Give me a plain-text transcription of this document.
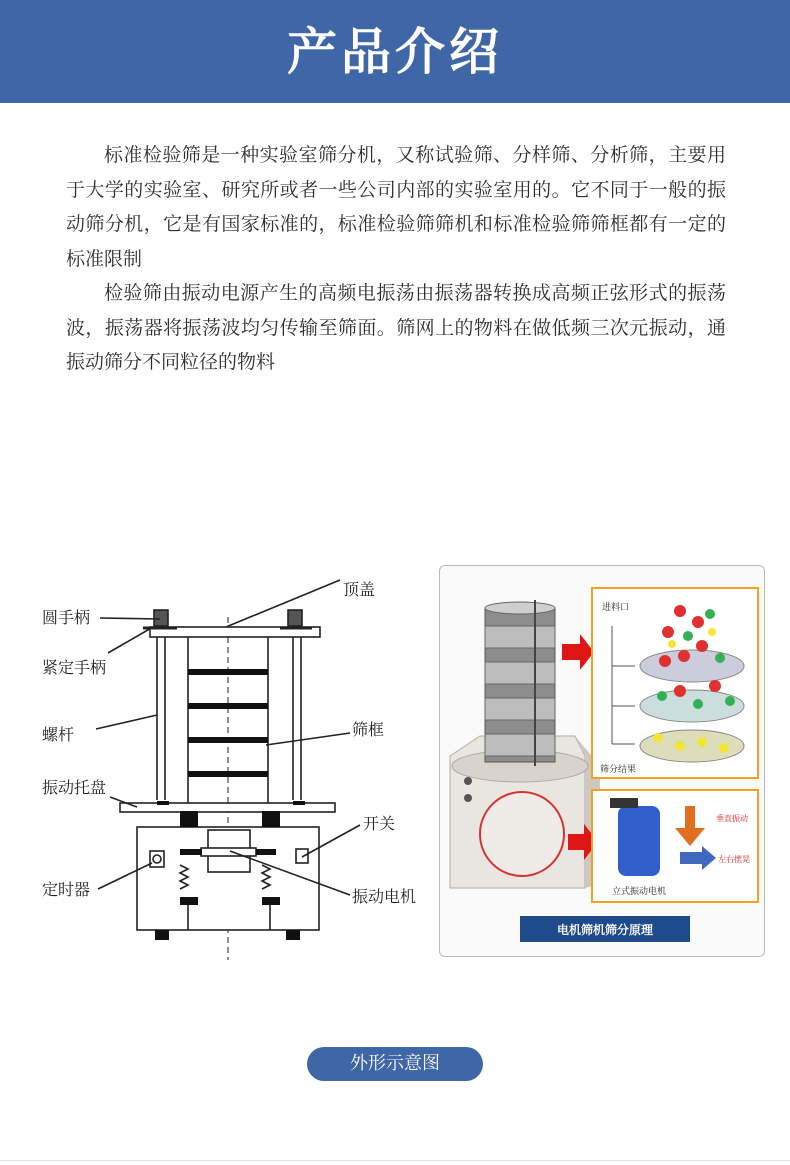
产品介绍

标准检验筛是一种实验室筛分机，又称试验筛、分样筛、分析筛，主要用于大学的实验室、研究所或者一些公司内部的实验室用的。它不同于一般的振动筛分机，它是有国家标准的，标准检验筛筛机和标准检验筛筛框都有一定的标准限制

检验筛由振动电源产生的高频电振荡由振荡器转换成高频正弦形式的振荡波，振荡器将振荡波均匀传输至筛面。筛网上的物料在做低频三次元振动，通振动筛分不同粒径的物料

顶盖
圆手柄
紧定手柄
螺杆	筛框
振动托盘
开关
定时器	振动电机
进料口
筛分结果
垂直振动
左右摆晃
立式振动电机
电机筛机筛分原理
外形示意图
